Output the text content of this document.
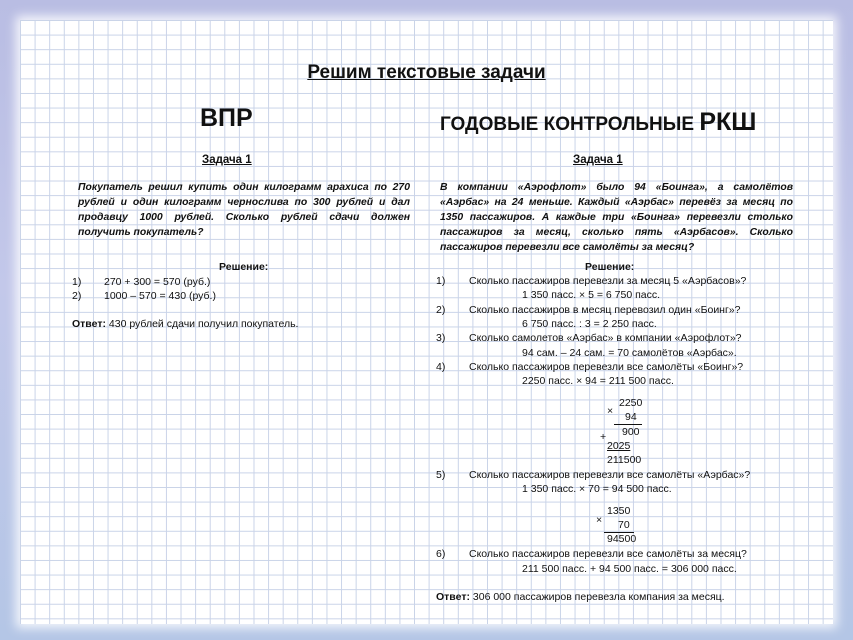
Решим текстовые задачи
ВПР
Задача 1
Покупатель решил купить один килограмм арахиса по 270 рублей и один килограмм чернослива по 300 рублей и дал продавцу 1000 рублей. Сколько рублей сдачи должен получить покупатель?
Решение:
1) 270 + 300 = 570 (руб.)
2) 1000 – 570 = 430 (руб.)
Ответ: 430 рублей сдачи получил покупатель.
ГОДОВЫЕ КОНТРОЛЬНЫЕ РКШ
Задача 1
В компании «Аэрофлот» было 94 «Боинга», а самолётов «Аэрбас» на 24 меньше. Каждый «Аэрбас» перевёз за месяц по 1350 пассажиров. А каждые три «Боинга» перевезли столько пассажиров за месяц, сколько пять «Аэрбасов». Сколько пассажиров перевезли все самолёты за месяц?
Решение:
1) Сколько пассажиров перевезли за месяц 5 «Аэрбасов»?
1 350 пасс. × 5 = 6 750 пасс.
2) Сколько пассажиров в месяц перевозил один «Боинг»?
6 750 пасс. : 3 = 2 250 пасс.
3) Сколько самолетов «Аэрбас» в компании «Аэрофлот»?
94 сам. – 24 сам. = 70 самолётов «Аэрбас».
4) Сколько пассажиров перевезли все самолёты «Боинг»?
2250 пасс. × 94 = 211 500 пасс.
2250
× 94
900
+
2025
211500
5) Сколько пассажиров перевезли все самолёты «Аэрбас»?
1 350 пасс. × 70 = 94 500 пасс.
1350
× 70
94500
6) Сколько пассажиров перевезли все самолёты за месяц?
211 500 пасс. + 94 500 пасс. = 306 000 пасс.
Ответ: 306 000 пассажиров перевезла компания за месяц.
